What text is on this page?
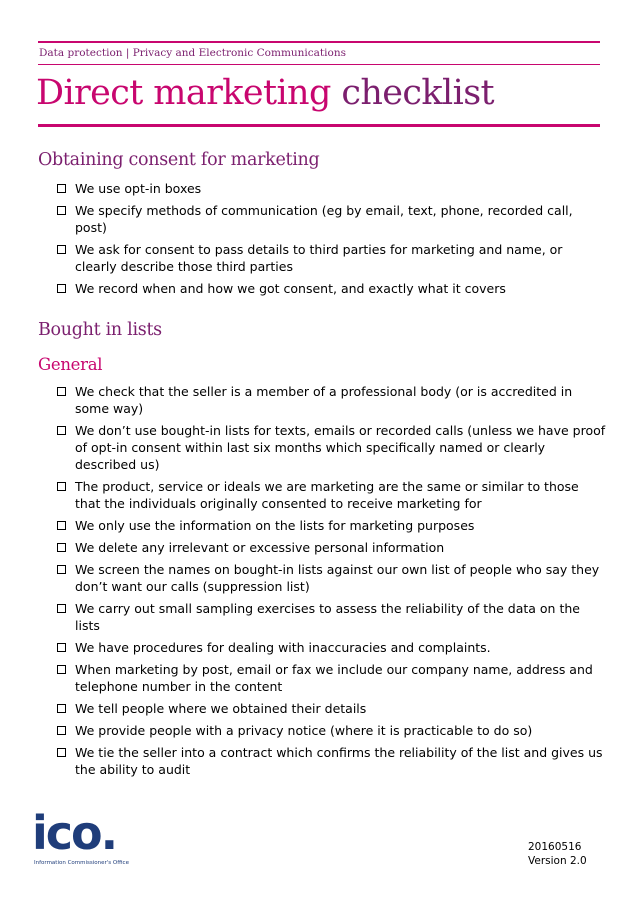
Data protection | Privacy and Electronic Communications
Direct marketing checklist
Obtaining consent for marketing
We use opt-in boxes
We specify methods of communication (eg by email, text, phone, recorded call, post)
We ask for consent to pass details to third parties for marketing and name, or clearly describe those third parties
We record when and how we got consent, and exactly what it covers
Bought in lists
General
We check that the seller is a member of a professional body (or is accredited in some way)
We don’t use bought-in lists for texts, emails or recorded calls (unless we have proof of opt-in consent within last six months which specifically named or clearly described us)
The product, service or ideals we are marketing are the same or similar to those that the individuals originally consented to receive marketing for
We only use the information on the lists for marketing purposes
We delete any irrelevant or excessive personal information
We screen the names on bought-in lists against our own list of people who say they don’t want our calls (suppression list)
We carry out small sampling exercises to assess the reliability of the data on the lists
We have procedures for dealing with inaccuracies and complaints.
When marketing by post, email or fax we include our company name, address and telephone number in the content
We tell people where we obtained their details
We provide people with a privacy notice (where it is practicable to do so)
We tie the seller into a contract which confirms the reliability of the list and gives us the ability to audit
ico.
Information Commissioner's Office
20160516
Version 2.0
